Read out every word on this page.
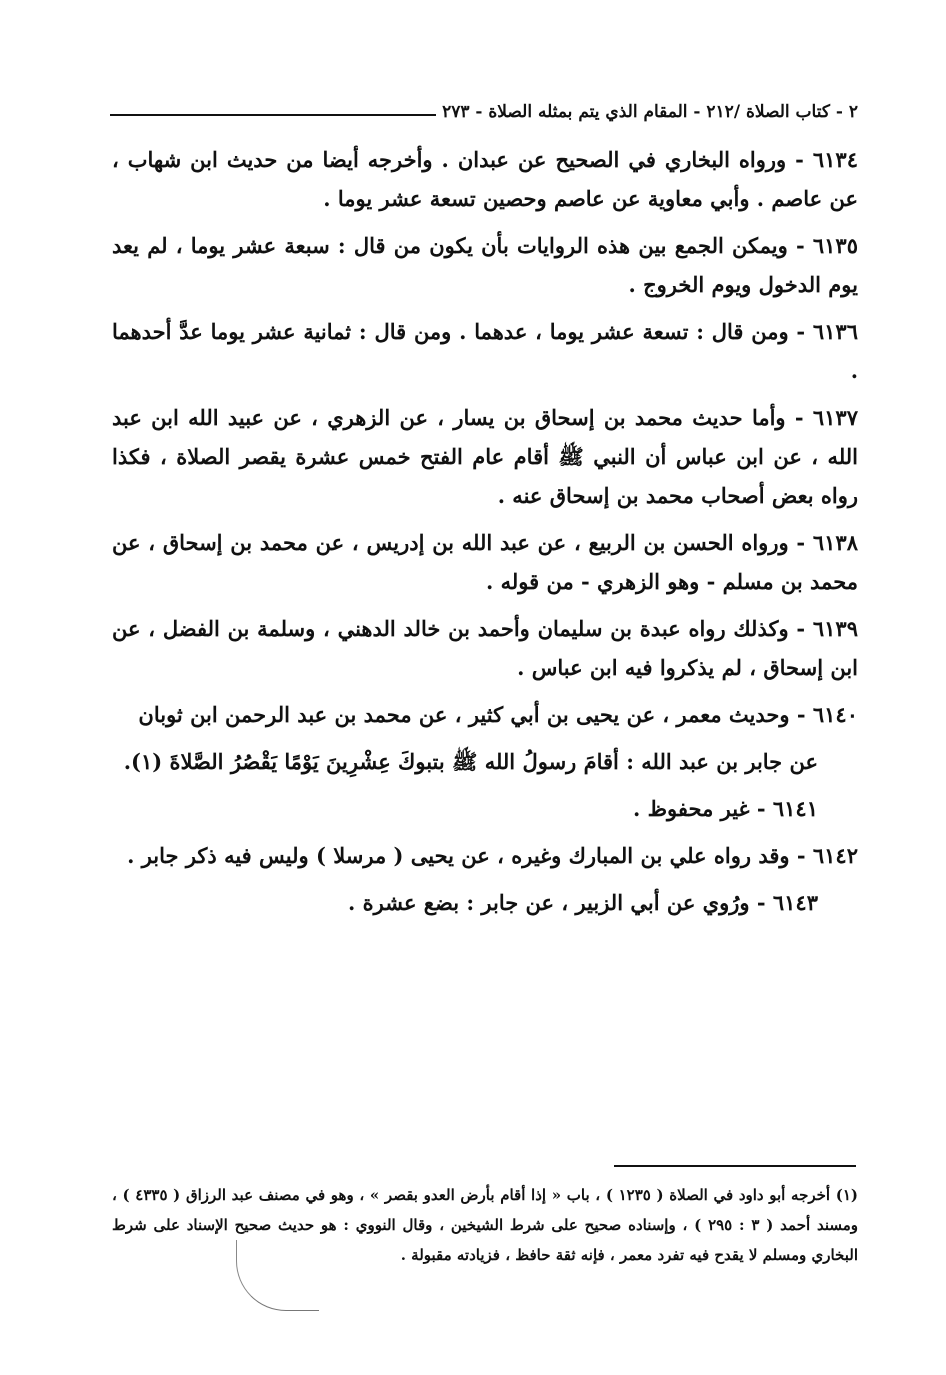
٢ - كتاب الصلاة /٢١٢ - المقام الذي يتم بمثله الصلاة - ٢٧٣

٦١٣٤ - ورواه البخاري في الصحيح عن عبدان . وأخرجه أيضا من حديث ابن شهاب ، عن عاصم . وأبي معاوية عن عاصم وحصين تسعة عشر يوما .

٦١٣٥ - ويمكن الجمع بين هذه الروايات بأن يكون من قال : سبعة عشر يوما ، لم يعد يوم الدخول ويوم الخروج .

٦١٣٦ - ومن قال : تسعة عشر يوما ، عدهما . ومن قال : ثمانية عشر يوما عدَّ أحدهما .

٦١٣٧ - وأما حديث محمد بن إسحاق بن يسار ، عن الزهري ، عن عبيد الله ابن عبد الله ، عن ابن عباس أن النبي ﷺ أقام عام الفتح خمس عشرة يقصر الصلاة ، فكذا رواه بعض أصحاب محمد بن إسحاق عنه .

٦١٣٨ - ورواه الحسن بن الربيع ، عن عبد الله بن إدريس ، عن محمد بن إسحاق ، عن محمد بن مسلم - وهو الزهري - من قوله .

٦١٣٩ - وكذلك رواه عبدة بن سليمان وأحمد بن خالد الدهني ، وسلمة بن الفضل ، عن ابن إسحاق ، لم يذكروا فيه ابن عباس .

٦١٤٠ - وحديث معمر ، عن يحيى بن أبي كثير ، عن محمد بن عبد الرحمن ابن ثوبان

عن جابر بن عبد الله : أقامَ رسولُ الله ﷺ بتبوكَ عِشْرِينَ يَوْمًا يَقْصُرُ الصَّلاةَ (١).

٦١٤١ - غير محفوظ .

٦١٤٢ - وقد رواه علي بن المبارك وغيره ، عن يحيى ( مرسلا ) وليس فيه ذكر جابر .

٦١٤٣ - ورُوي عن أبي الزبير ، عن جابر : بضع عشرة .

(١) أخرجه أبو داود في الصلاة ( ١٢٣٥ ) ، باب « إذا أقام بأرض العدو بقصر » ، وهو في مصنف عبد الرزاق ( ٤٣٣٥ ) ، ومسند أحمد ( ٣ : ٢٩٥ ) ، وإسناده صحيح على شرط الشيخين ، وقال النووي : هو حديث صحيح الإسناد على شرط البخاري ومسلم لا يقدح فيه تفرد معمر ، فإنه ثقة حافظ ، فزيادته مقبولة .
